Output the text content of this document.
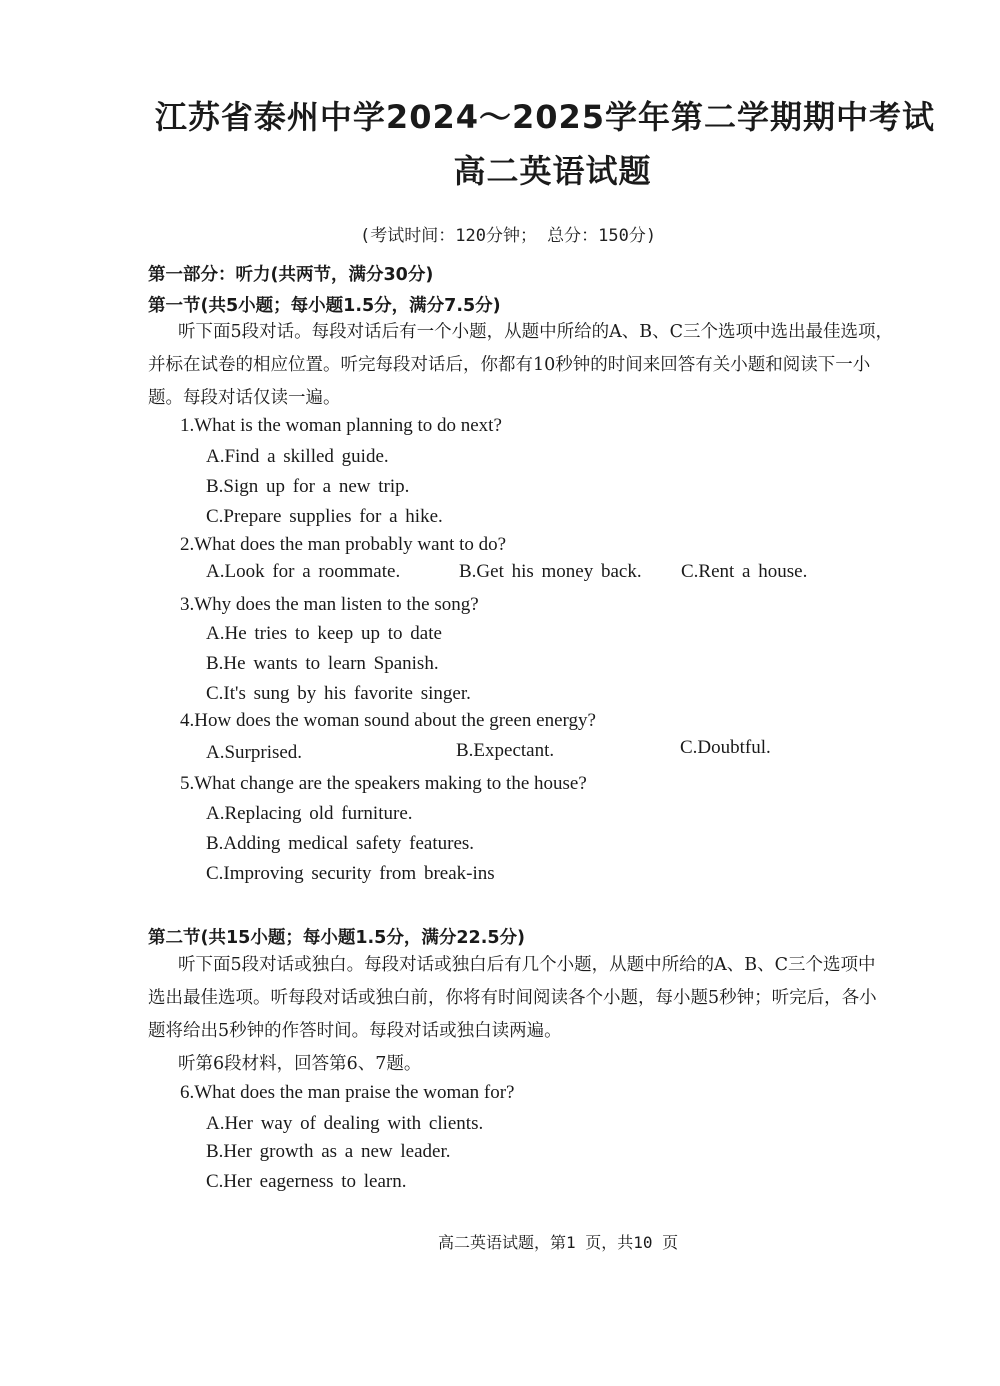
江苏省泰州中学2024～2025学年第二学期期中考试
高二英语试题
(考试时间：120分钟； 总分：150分)
第一部分：听力(共两节，满分30分)
第一节(共5小题；每小题1.5分，满分7.5分)
听下面5段对话。每段对话后有一个小题，从题中所给的A、B、C三个选项中选出最佳选项，
并标在试卷的相应位置。听完每段对话后，你都有10秒钟的时间来回答有关小题和阅读下一小
题。每段对话仅读一遍。
1.What is the woman planning to do next?
A.Find a skilled guide.
B.Sign up for a new trip.
C.Prepare supplies for a hike.
2.What does the man probably want to do?
A.Look for a roommate.	B.Get his money back. C.Rent a house.
3.Why does the man listen to the song?
A.He tries to keep up to date
B.He wants to learn Spanish.
C.It's sung by his favorite singer.
4.How does the woman sound about the green energy?
A.Surprised.	B.Expectant.	C.Doubtful.
5.What change are the speakers making to the house?
A.Replacing old furniture.
B.Adding medical safety features.
C.Improving security from break-ins
第二节(共15小题；每小题1.5分，满分22.5分)
听下面5段对话或独白。每段对话或独白后有几个小题，从题中所给的A、B、C三个选项中
选出最佳选项。听每段对话或独白前，你将有时间阅读各个小题，每小题5秒钟；听完后，各小
题将给出5秒钟的作答时间。每段对话或独白读两遍。
听第6段材料，回答第6、7题。
6.What does the man praise the woman for?
A.Her way of dealing with clients.
B.Her growth as a new leader.
C.Her eagerness to learn.
高二英语试题，第1 页，共10 页
